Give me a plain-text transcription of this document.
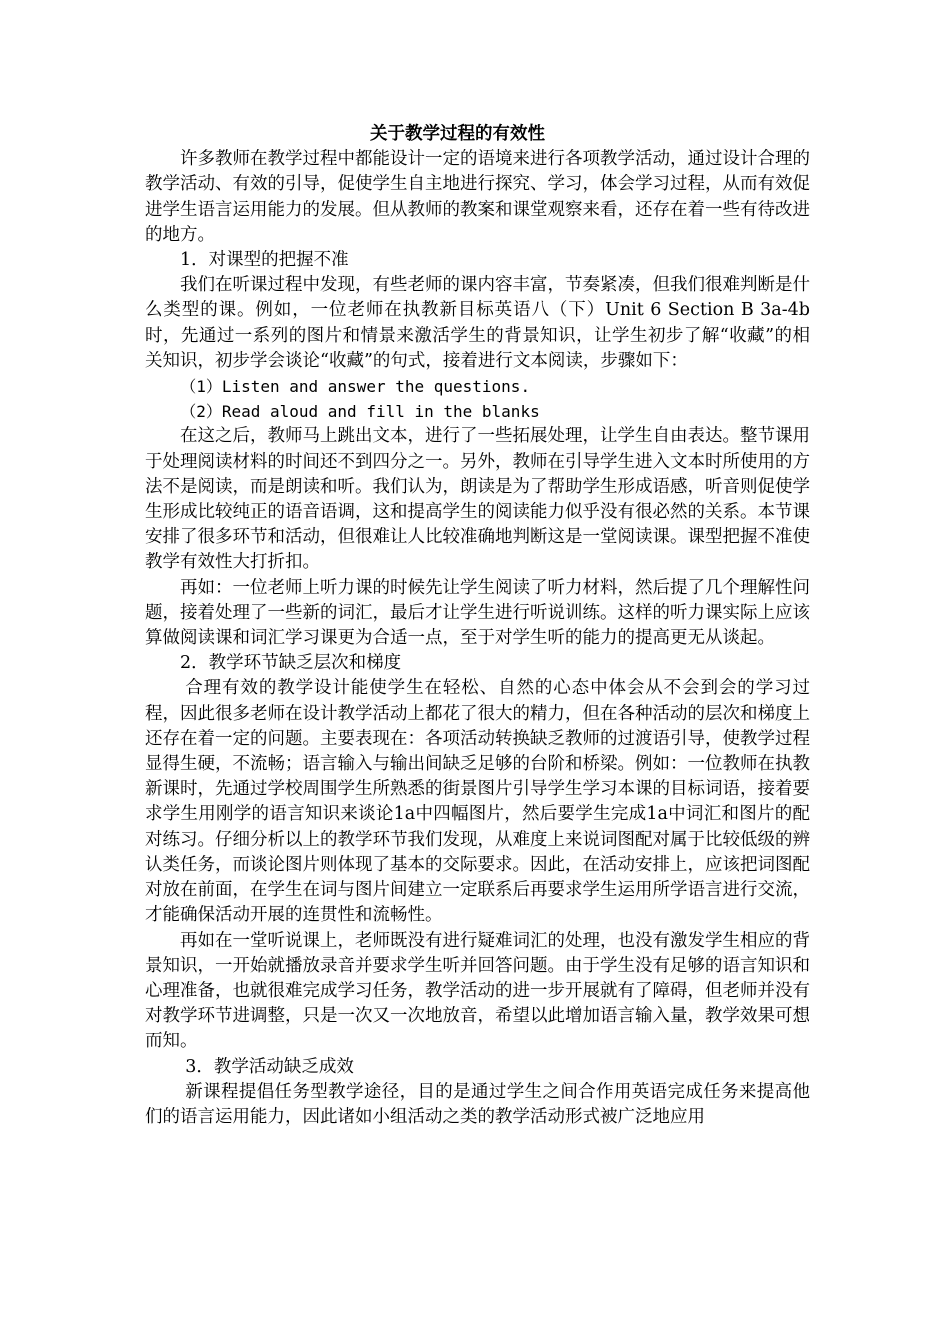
关于教学过程的有效性

许多教师在教学过程中都能设计一定的语境来进行各项教学活动，通过设计合理的教学活动、有效的引导，促使学生自主地进行探究、学习，体会学习过程，从而有效促进学生语言运用能力的发展。但从教师的教案和课堂观察来看，还存在着一些有待改进的地方。

1．对课型的把握不准

我们在听课过程中发现，有些老师的课内容丰富，节奏紧凑，但我们很难判断是什么类型的课。例如，一位老师在执教新目标英语八（下）Unit 6 Section B 3a-4b时，先通过一系列的图片和情景来激活学生的背景知识，让学生初步了解“收藏”的相关知识，初步学会谈论“收藏”的句式，接着进行文本阅读，步骤如下：

（1）Listen and answer the questions.

（2）Read aloud and fill in the blanks

在这之后，教师马上跳出文本，进行了一些拓展处理，让学生自由表达。整节课用于处理阅读材料的时间还不到四分之一。另外，教师在引导学生进入文本时所使用的方法不是阅读，而是朗读和听。我们认为，朗读是为了帮助学生形成语感，听音则促使学生形成比较纯正的语音语调，这和提高学生的阅读能力似乎没有很必然的关系。本节课安排了很多环节和活动，但很难让人比较准确地判断这是一堂阅读课。课型把握不准使教学有效性大打折扣。

再如：一位老师上听力课的时候先让学生阅读了听力材料，然后提了几个理解性问题，接着处理了一些新的词汇，最后才让学生进行听说训练。这样的听力课实际上应该算做阅读课和词汇学习课更为合适一点，至于对学生听的能力的提高更无从谈起。

2．教学环节缺乏层次和梯度

合理有效的教学设计能使学生在轻松、自然的心态中体会从不会到会的学习过程，因此很多老师在设计教学活动上都花了很大的精力，但在各种活动的层次和梯度上还存在着一定的问题。主要表现在：各项活动转换缺乏教师的过渡语引导，使教学过程显得生硬，不流畅；语言输入与输出间缺乏足够的台阶和桥梁。例如：一位教师在执教新课时，先通过学校周围学生所熟悉的街景图片引导学生学习本课的目标词语，接着要求学生用刚学的语言知识来谈论1a中四幅图片，然后要学生完成1a中词汇和图片的配对练习。仔细分析以上的教学环节我们发现，从难度上来说词图配对属于比较低级的辨认类任务，而谈论图片则体现了基本的交际要求。因此，在活动安排上，应该把词图配对放在前面，在学生在词与图片间建立一定联系后再要求学生运用所学语言进行交流，才能确保活动开展的连贯性和流畅性。

再如在一堂听说课上，老师既没有进行疑难词汇的处理，也没有激发学生相应的背景知识，一开始就播放录音并要求学生听并回答问题。由于学生没有足够的语言知识和心理准备，也就很难完成学习任务，教学活动的进一步开展就有了障碍，但老师并没有对教学环节进调整，只是一次又一次地放音，希望以此增加语言输入量，教学效果可想而知。

3．教学活动缺乏成效

新课程提倡任务型教学途径，目的是通过学生之间合作用英语完成任务来提高他们的语言运用能力，因此诸如小组活动之类的教学活动形式被广泛地应用
